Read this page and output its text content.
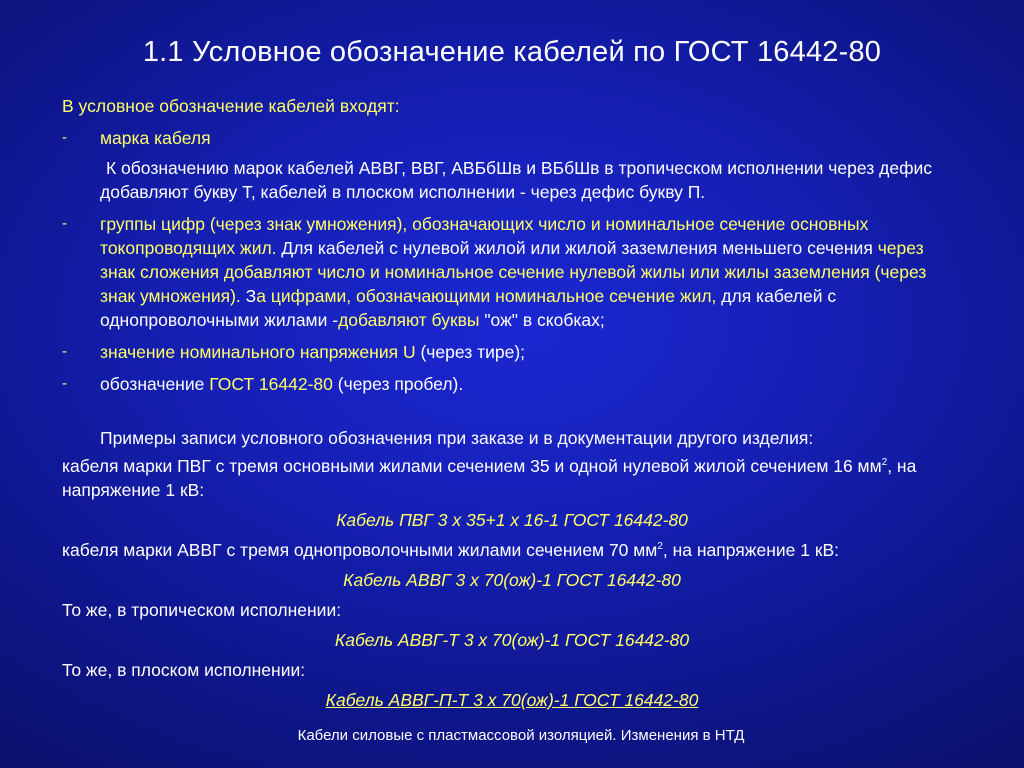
1.1 Условное обозначение кабелей по ГОСТ 16442-80

В условное обозначение кабелей входят:

- марка кабеля
К обозначению марок кабелей АВВГ, ВВГ, АВБбШв и ВБбШв в тропическом исполнении через дефис добавляют букву Т, кабелей в плоском исполнении - через дефис букву П.
- группы цифр (через знак умножения), обозначающих число и номинальное сечение основных токопроводящих жил. Для кабелей с нулевой жилой или жилой заземления меньшего сечения через знак сложения добавляют число и номинальное сечение нулевой жилы или жилы заземления (через знак умножения). За цифрами, обозначающими номинальное сечение жил, для кабелей с однопроволочными жилами -добавляют буквы "ож" в скобках;
- значение номинального напряжения U (через тире);
- обозначение ГОСТ 16442-80 (через пробел).

Примеры записи условного обозначения при заказе и в документации другого изделия:

кабеля марки ПВГ с тремя основными жилами сечением 35 и одной нулевой жилой сечением 16 $мм^2$, на напряжение 1 кВ:

Кабель ПВГ 3 х 35+1 х 16-1 ГОСТ 16442-80

кабеля марки АВВГ с тремя однопроволочными жилами сечением 70 $мм^2$, на напряжение 1 кВ:

Кабель АВВГ 3 х 70(ож)-1 ГОСТ 16442-80

То же, в тропическом исполнении:

Кабель АВВГ-Т 3 х 70(ож)-1 ГОСТ 16442-80

То же, в плоском исполнении:

Кабель АВВГ-П-Т 3 х 70(ож)-1 ГОСТ 16442-80

Кабели силовые с пластмассовой изоляцией. Изменения в НТД
